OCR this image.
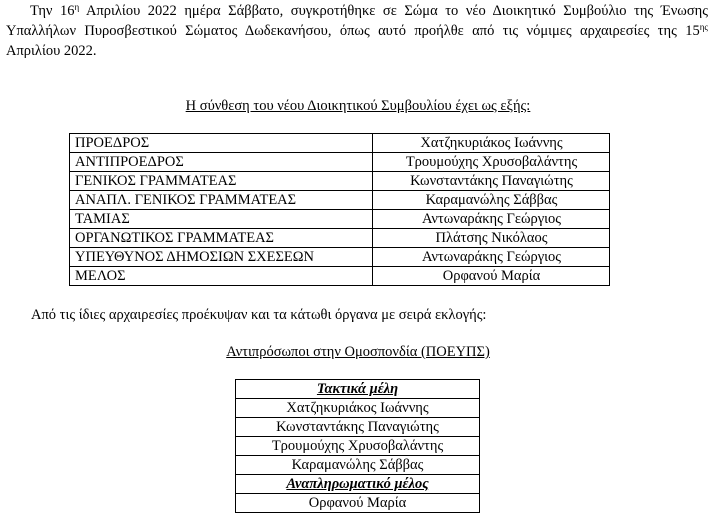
Την $16^\eta$ Απριλίου 2022 ημέρα Σάββατο, συγκροτήθηκε σε Σώμα το νέο Διοικητικό Συμβούλιο της Ένωσης Υπαλλήλων Πυροσβεστικού Σώματος Δωδεκανήσου, όπως αυτό προήλθε από τις νόμιμες αρχαιρεσίες της $15^{\eta\varsigma}$ Απριλίου 2022.

Η σύνθεση του νέου Διοικητικού Συμβουλίου έχει ως εξής:

ΠΡΟΕΔΡΟΣ	Χατζηκυριάκος Ιωάννης
ΑΝΤΙΠΡΟΕΔΡΟΣ	Τρουμούχης Χρυσοβαλάντης
ΓΕΝΙΚΟΣ ΓΡΑΜΜΑΤΕΑΣ	Κωνσταντάκης Παναγιώτης
ΑΝΑΠΛ. ΓΕΝΙΚΟΣ ΓΡΑΜΜΑΤΕΑΣ	Καραμανώλης Σάββας
ΤΑΜΙΑΣ	Αντωναράκης Γεώργιος
ΟΡΓΑΝΩΤΙΚΟΣ ΓΡΑΜΜΑΤΕΑΣ	Πλάτσης Νικόλαος
ΥΠΕΥΘΥΝΟΣ ΔΗΜΟΣΙΩΝ ΣΧΕΣΕΩΝ	Αντωναράκης Γεώργιος
ΜΕΛΟΣ	Ορφανού Μαρία

Από τις ίδιες αρχαιρεσίες προέκυψαν και τα κάτωθι όργανα με σειρά εκλογής:

Αντιπρόσωποι στην Ομοσπονδία (ΠΟΕΥΠΣ)

Τακτικά μέλη
Χατζηκυριάκος Ιωάννης
Κωνσταντάκης Παναγιώτης
Τρουμούχης Χρυσοβαλάντης
Καραμανώλης Σάββας
Αναπληρωματικό μέλος
Ορφανού Μαρία
